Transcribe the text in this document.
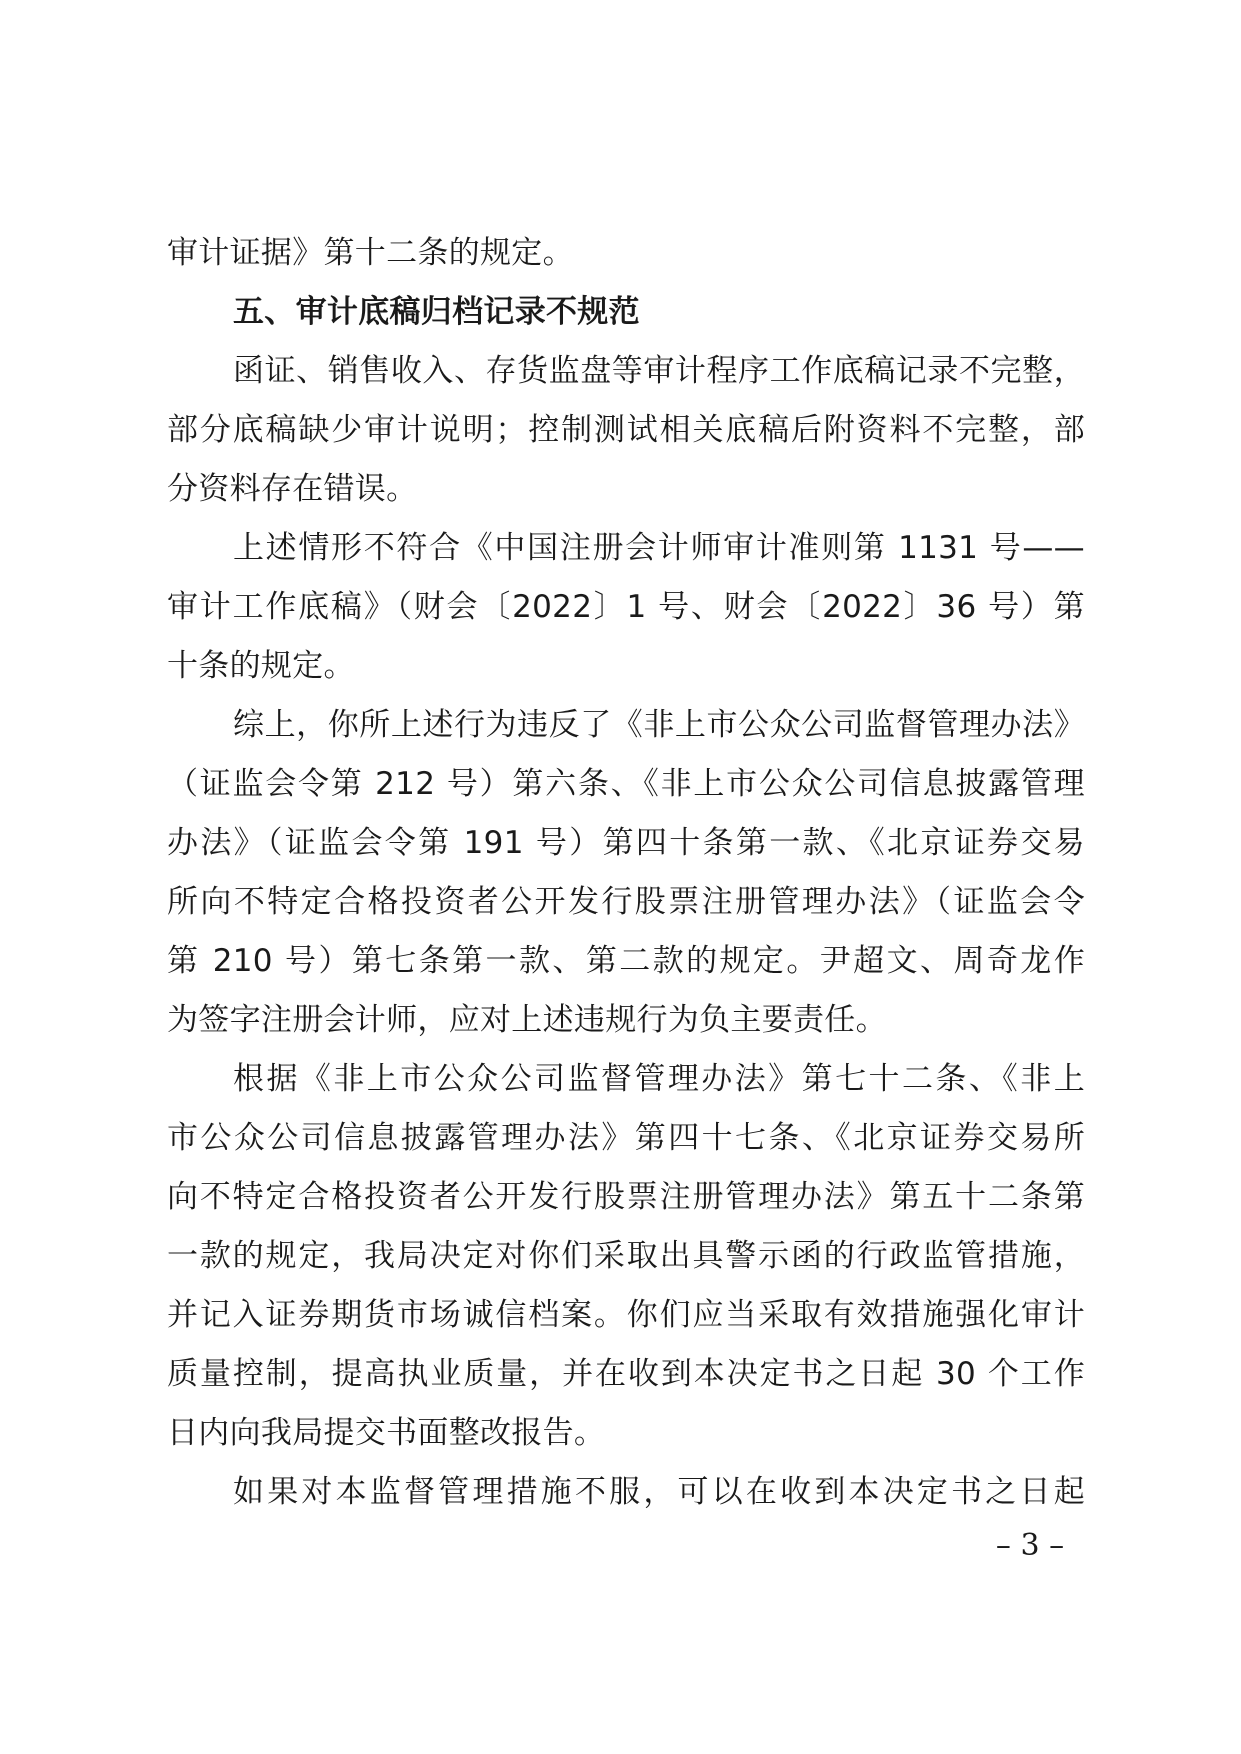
审计证据》第十二条的规定。
五、审计底稿归档记录不规范
函证、销售收入、存货监盘等审计程序工作底稿记录不完整，
部分底稿缺少审计说明；控制测试相关底稿后附资料不完整，部
分资料存在错误。
上述情形不符合《中国注册会计师审计准则第 1131 号——
审计工作底稿》（财会〔2022〕1 号、财会〔2022〕36 号）第
十条的规定。
综上，你所上述行为违反了《非上市公众公司监督管理办法》
（证监会令第 212 号）第六条、《非上市公众公司信息披露管理
办法》（证监会令第 191 号）第四十条第一款、《北京证券交易
所向不特定合格投资者公开发行股票注册管理办法》（证监会令
第 210 号）第七条第一款、第二款的规定。尹超文、周奇龙作
为签字注册会计师，应对上述违规行为负主要责任。
根据《非上市公众公司监督管理办法》第七十二条、《非上
市公众公司信息披露管理办法》第四十七条、《北京证券交易所
向不特定合格投资者公开发行股票注册管理办法》第五十二条第
一款的规定，我局决定对你们采取出具警示函的行政监管措施，
并记入证券期货市场诚信档案。你们应当采取有效措施强化审计
质量控制，提高执业质量，并在收到本决定书之日起 30 个工作
日内向我局提交书面整改报告。
如果对本监督管理措施不服，可以在收到本决定书之日起
– 3 –
